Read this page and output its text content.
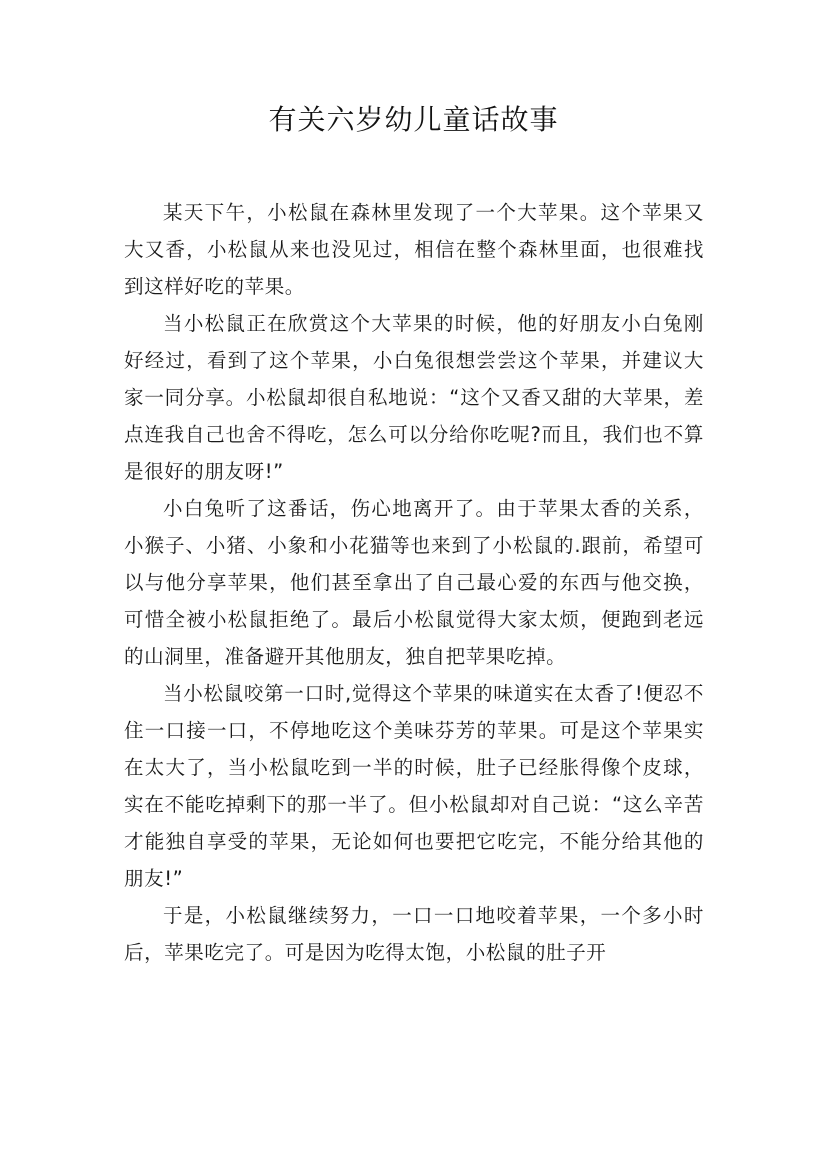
有关六岁幼儿童话故事

某天下午，小松鼠在森林里发现了一个大苹果。这个苹果又大又香，小松鼠从来也没见过，相信在整个森林里面，也很难找到这样好吃的苹果。

当小松鼠正在欣赏这个大苹果的时候，他的好朋友小白兔刚好经过，看到了这个苹果，小白兔很想尝尝这个苹果，并建议大家一同分享。小松鼠却很自私地说：“这个又香又甜的大苹果，差点连我自己也舍不得吃，怎么可以分给你吃呢?而且，我们也不算是很好的朋友呀!”

小白兔听了这番话，伤心地离开了。由于苹果太香的关系，小猴子、小猪、小象和小花猫等也来到了小松鼠的.跟前，希望可以与他分享苹果，他们甚至拿出了自己最心爱的东西与他交换，可惜全被小松鼠拒绝了。最后小松鼠觉得大家太烦，便跑到老远的山洞里，准备避开其他朋友，独自把苹果吃掉。

当小松鼠咬第一口时,觉得这个苹果的味道实在太香了!便忍不住一口接一口，不停地吃这个美味芬芳的苹果。可是这个苹果实在太大了，当小松鼠吃到一半的时候，肚子已经胀得像个皮球，实在不能吃掉剩下的那一半了。但小松鼠却对自己说：“这么辛苦才能独自享受的苹果，无论如何也要把它吃完，不能分给其他的朋友!”

于是，小松鼠继续努力，一口一口地咬着苹果，一个多小时后，苹果吃完了。可是因为吃得太饱，小松鼠的肚子开
